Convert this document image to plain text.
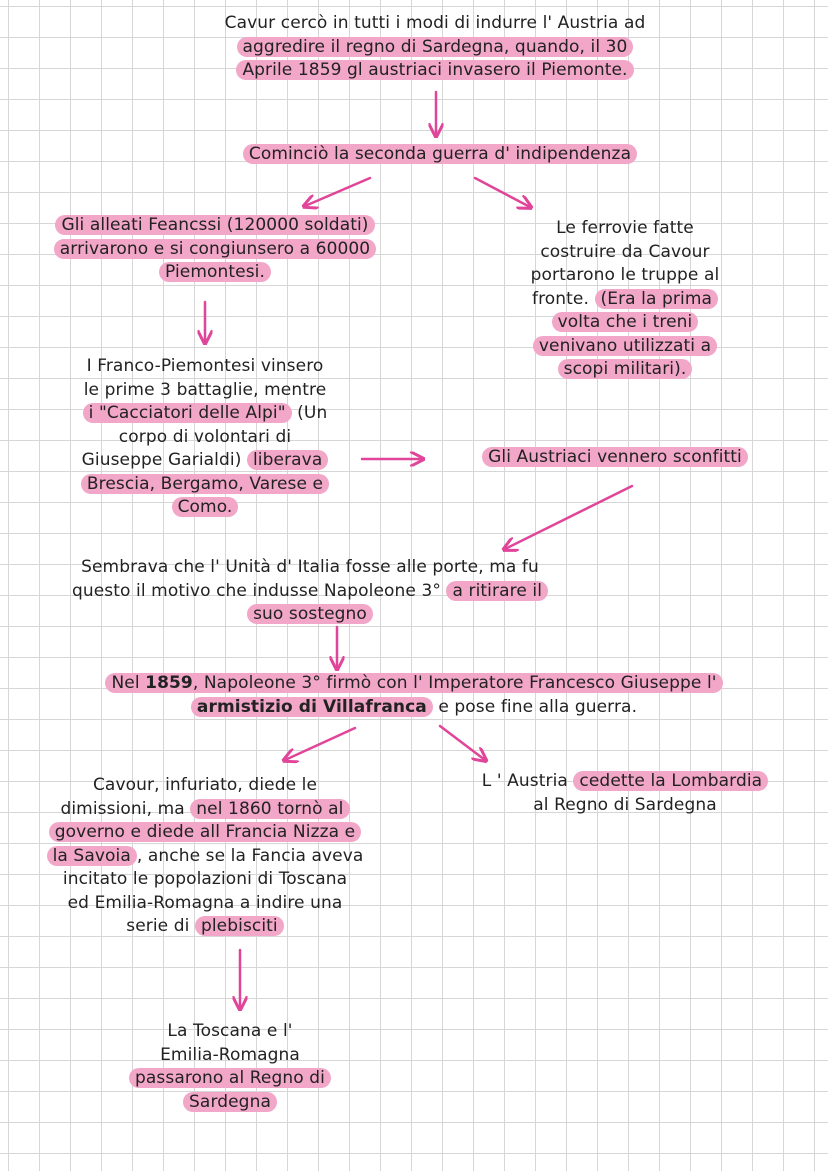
Cavur cercò in tutti i modi di indurre l' Austria ad
aggredire il regno di Sardegna, quando, il 30
Aprile 1859 gl austriaci invasero il Piemonte.
Cominciò la seconda guerra d' indipendenza
Gli alleati Feancssi (120000 soldati)
arrivarono e si congiunsero a 60000
Piemontesi.
Le ferrovie fatte
costruire da Cavour
portarono le truppe al
fronte. (Era la prima
volta che i treni
venivano utilizzati a
scopi militari).
I Franco-Piemontesi vinsero
le prime 3 battaglie, mentre
i "Cacciatori delle Alpi" (Un
corpo di volontari di
Giuseppe Garialdi) liberava
Brescia, Bergamo, Varese e
Como.
Gli Austriaci vennero sconfitti
Sembrava che l' Unità d' Italia fosse alle porte, ma fu
questo il motivo che indusse Napoleone 3° a ritirare il
suo sostegno
Nel 1859, Napoleone 3° firmò con l' Imperatore Francesco Giuseppe l'
armistizio di Villafranca e pose fine alla guerra.
Cavour, infuriato, diede le
dimissioni, ma nel 1860 tornò al
governo e diede all Francia Nizza e
la Savoia , anche se la Fancia aveva
incitato le popolazioni di Toscana
ed Emilia-Romagna a indire una
serie di plebisciti
L ' Austria cedette la Lombardia
al Regno di Sardegna
La Toscana e l'
Emilia-Romagna
passarono al Regno di
Sardegna
